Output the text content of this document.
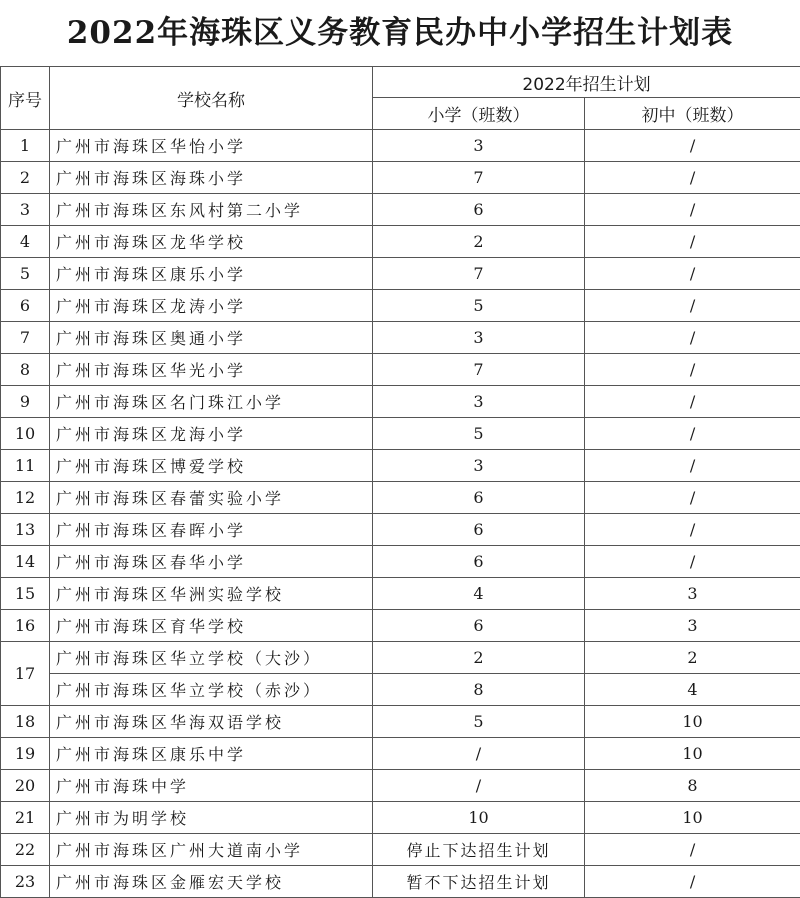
2022年海珠区义务教育民办中小学招生计划表
序号	学校名称	2022年招生计划	
		小学（班数）	初中（班数）
1	广州市海珠区华怡小学	3	/
2	广州市海珠区海珠小学	7	/
3	广州市海珠区东风村第二小学	6	/
4	广州市海珠区龙华学校	2	/
5	广州市海珠区康乐小学	7	/
6	广州市海珠区龙涛小学	5	/
7	广州市海珠区奥通小学	3	/
8	广州市海珠区华光小学	7	/
9	广州市海珠区名门珠江小学	3	/
10	广州市海珠区龙海小学	5	/
11	广州市海珠区博爱学校	3	/
12	广州市海珠区春蕾实验小学	6	/
13	广州市海珠区春晖小学	6	/
14	广州市海珠区春华小学	6	/
15	广州市海珠区华洲实验学校	4	3
16	广州市海珠区育华学校	6	3
17	广州市海珠区华立学校（大沙）	2	2
	广州市海珠区华立学校（赤沙）	8	4
18	广州市海珠区华海双语学校	5	10
19	广州市海珠区康乐中学	/	10
20	广州市海珠中学	/	8
21	广州市为明学校	10	10
22	广州市海珠区广州大道南小学	停止下达招生计划	/
23	广州市海珠区金雁宏天学校	暂不下达招生计划	/
